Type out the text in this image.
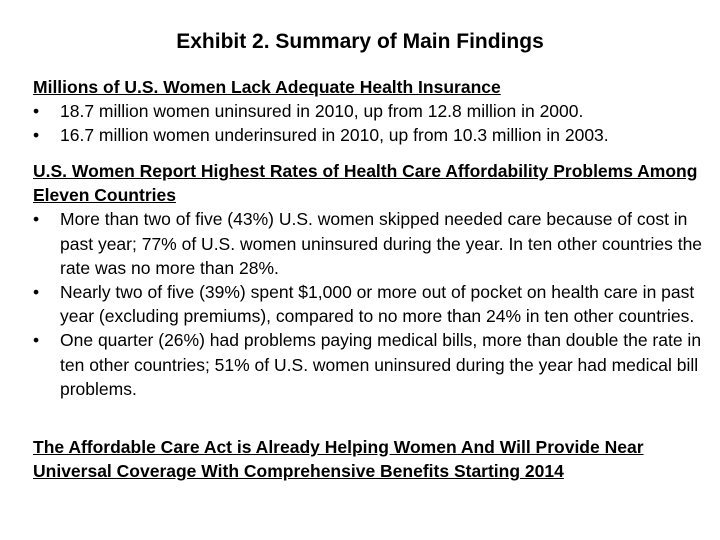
Exhibit 2. Summary of Main Findings
Millions of U.S. Women Lack Adequate Health Insurance
•	18.7 million women uninsured in 2010, up from 12.8 million in 2000.
•	16.7 million women underinsured in 2010, up from 10.3 million in 2003.
U.S. Women Report Highest Rates of Health Care Affordability Problems Among Eleven Countries
•	More than two of five (43%) U.S. women skipped needed care because of cost in past year; 77% of U.S. women uninsured during the year. In ten other countries the rate was no more than 28%.
•	Nearly two of five (39%) spent $1,000 or more out of pocket on health care in past year (excluding premiums), compared to no more than 24% in ten other countries.
•	One quarter (26%) had problems paying medical bills, more than double the rate in ten other countries; 51% of U.S. women uninsured during the year had medical bill problems.
The Affordable Care Act is Already Helping Women And Will Provide Near Universal Coverage With Comprehensive Benefits Starting 2014
